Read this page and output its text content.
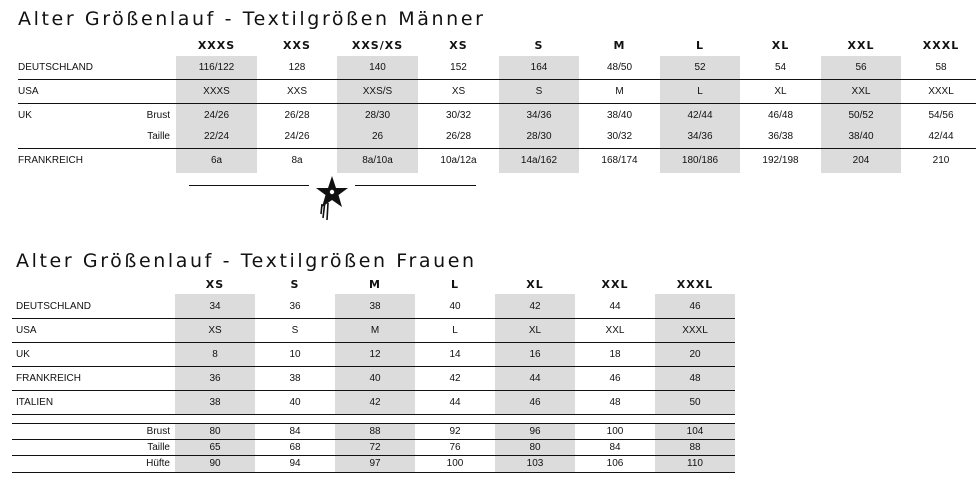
Alter Größenlauf - Textilgrößen Männer
XXXS	XXS	XXS/XS	XS	S	M	L	XL	XXL	XXXL
DEUTSCHLAND	116/122	128	140	152	164	48/50	52	54	56	58
USA	XXXS	XXS	XXS/S	XS	S	M	L	XL	XXL	XXXL
UK	Brust	24/26	26/28	28/30	30/32	34/36	38/40	42/44	46/48	50/52	54/56
Taille	22/24	24/26	26	26/28	28/30	30/32	34/36	36/38	38/40	42/44
FRANKREICH	6a	8a	8a/10a	10a/12a	14a/162	168/174	180/186	192/198	204	210
Alter Größenlauf - Textilgrößen Frauen
XS	S	M	L	XL	XXL	XXXL
DEUTSCHLAND	34	36	38	40	42	44	46
USA	XS	S	M	L	XL	XXL	XXXL
UK	8	10	12	14	16	18	20
FRANKREICH	36	38	40	42	44	46	48
ITALIEN	38	40	42	44	46	48	50
Brust	80	84	88	92	96	100	104
Taille	65	68	72	76	80	84	88
Hüfte	90	94	97	100	103	106	110
